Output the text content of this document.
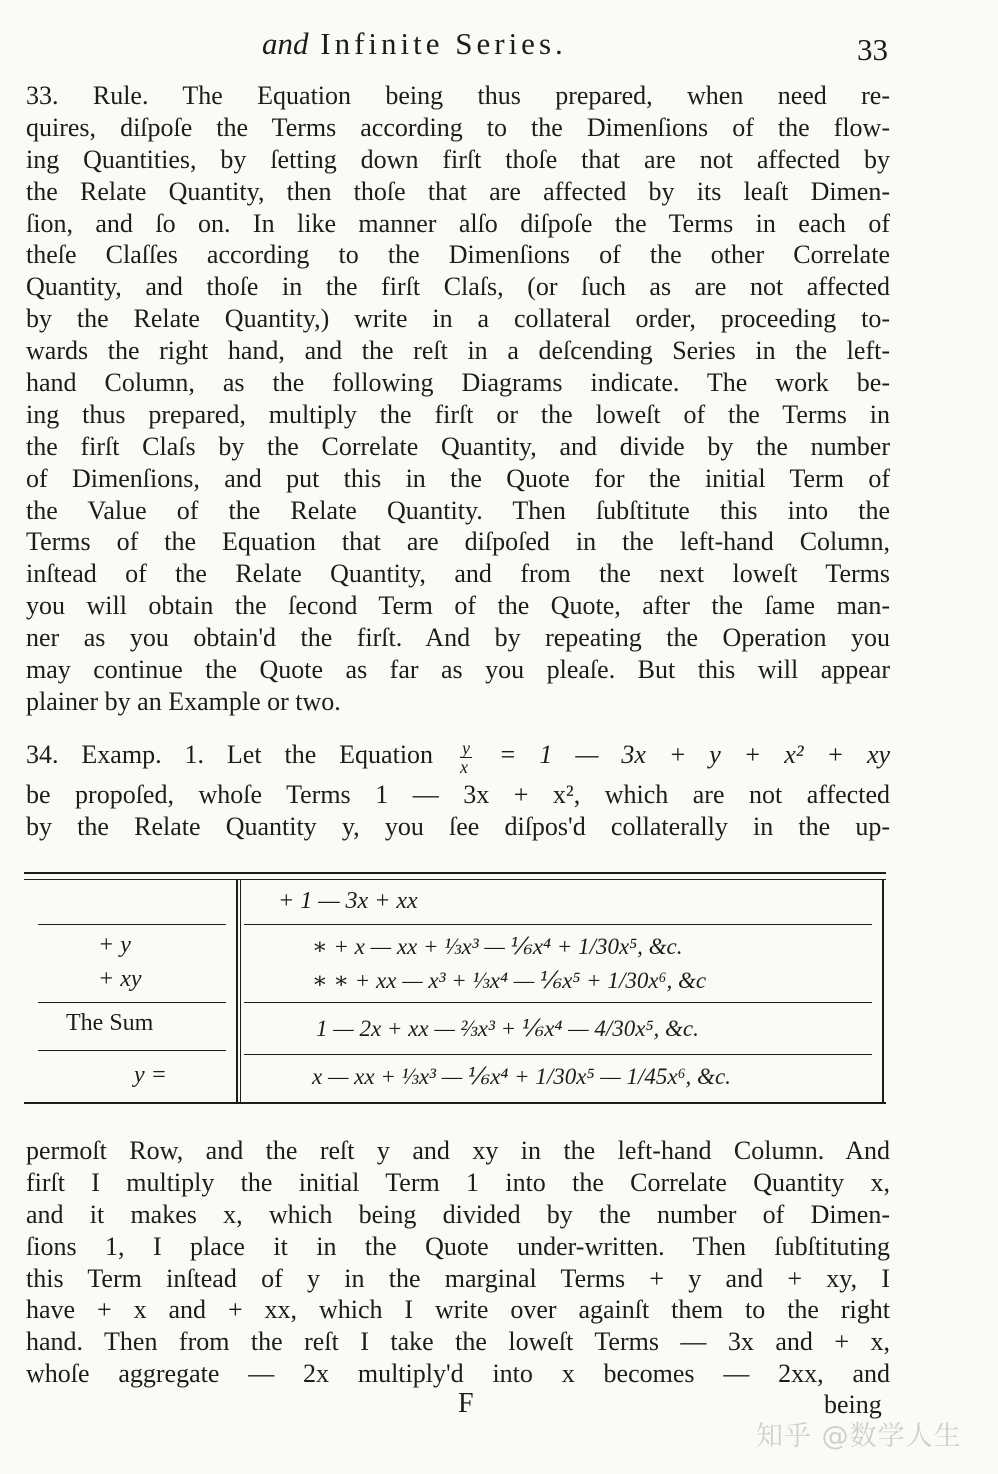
and Infinite Series.	33
33. Rule. The Equation being thus prepared, when need re-
quires, diſpoſe the Terms according to the Dimenſions of the flow-
ing Quantities, by ſetting down firſt thoſe that are not affected by
the Relate Quantity, then thoſe that are affected by its leaſt Dimen-
ſion, and ſo on. In like manner alſo diſpoſe the Terms in each of
theſe Claſſes according to the Dimenſions of the other Correlate
Quantity, and thoſe in the firſt Claſs, (or ſuch as are not affected
by the Relate Quantity,) write in a collateral order, proceeding to-
wards the right hand, and the reſt in a deſcending Series in the left-
hand Column, as the following Diagrams indicate. The work be-
ing thus prepared, multiply the firſt or the loweſt of the Terms in
the firſt Claſs by the Correlate Quantity, and divide by the number
of Dimenſions, and put this in the Quote for the initial Term of
the Value of the Relate Quantity. Then ſubſtitute this into the
Terms of the Equation that are diſpoſed in the left-hand Column,
inſtead of the Relate Quantity, and from the next loweſt Terms
you will obtain the ſecond Term of the Quote, after the ſame man-
ner as you obtain'd the firſt. And by repeating the Operation you
may continue the Quote as far as you pleaſe. But this will appear
plainer by an Example or two.
34. Examp. 1. Let the Equation $\frac{y}{x} = 1$ — 3x + y + x² + xy
be propoſed, whoſe Terms 1 — 3x + x², which are not affected
by the Relate Quantity y, you ſee diſpos'd collaterally in the up-
+ 1 — 3x + xx
+ y
+ xy
The Sum
y =
∗ + x — xx + ⅓x³ — ⅙x⁴ + 1/30x⁵, &c.
∗ ∗ + xx — x³ + ⅓x⁴ — ⅙x⁵ + 1/30x⁶, &c
1 — 2x + xx — ⅔x³ + ⅙x⁴ — 4/30x⁵, &c.
x — xx + ⅓x³ — ⅙x⁴ + 1/30x⁵ — 1/45x⁶, &c.
permoſt Row, and the reſt y and xy in the left-hand Column. And
firſt I multiply the initial Term 1 into the Correlate Quantity x,
and it makes x, which being divided by the number of Dimen-
ſions 1, I place it in the Quote under-written. Then ſubſtituting
this Term inſtead of y in the marginal Terms + y and + xy, I
have + x and + xx, which I write over againſt them to the right
hand. Then from the reſt I take the loweſt Terms — 3x and + x,
whoſe aggregate — 2x multiply'd into x becomes — 2xx, and
F	being
知乎 @数学人生
